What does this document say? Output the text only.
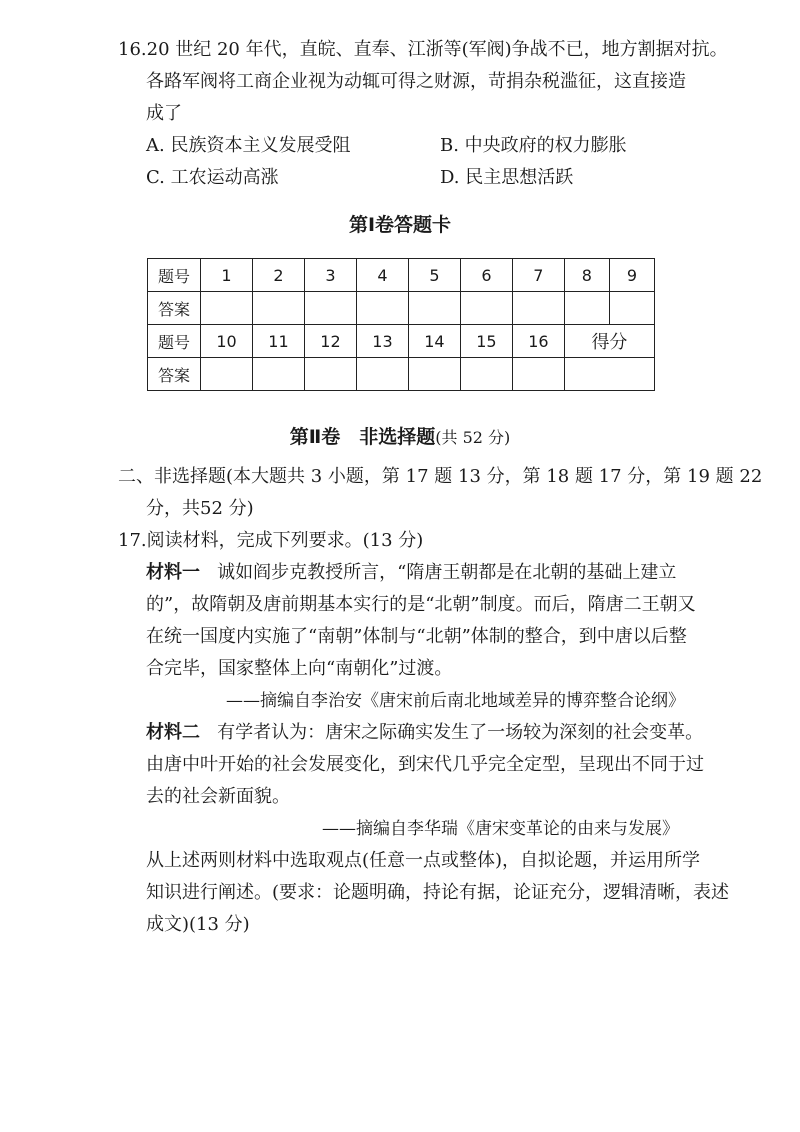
16.20 世纪 20 年代，直皖、直奉、江浙等(军阀)争战不已，地方割据对抗。
各路军阀将工商企业视为动辄可得之财源，苛捐杂税滥征，这直接造
成了
A. 民族资本主义发展受阻	B. 中央政府的权力膨胀
C. 工农运动高涨	D. 民主思想活跃
第Ⅰ卷答题卡
题号	1	2	3	4	5	6	7	8	9
答案									
题号	10	11	12	13	14	15	16	得分	
答案									
第Ⅱ卷　非选择题(共 52 分)
二、非选择题(本大题共 3 小题，第 17 题 13 分，第 18 题 17 分，第 19 题 22
分，共52 分)
17.阅读材料，完成下列要求。(13 分)
材料一 诚如阎步克教授所言，“隋唐王朝都是在北朝的基础上建立
的”，故隋朝及唐前期基本实行的是“北朝”制度。而后，隋唐二王朝又
在统一国度内实施了“南朝”体制与“北朝”体制的整合，到中唐以后整
合完毕，国家整体上向“南朝化”过渡。
——摘编自李治安《唐宋前后南北地域差异的博弈整合论纲》
材料二 有学者认为：唐宋之际确实发生了一场较为深刻的社会变革。
由唐中叶开始的社会发展变化，到宋代几乎完全定型，呈现出不同于过
去的社会新面貌。
——摘编自李华瑞《唐宋变革论的由来与发展》
从上述两则材料中选取观点(任意一点或整体)，自拟论题，并运用所学
知识进行阐述。(要求：论题明确，持论有据，论证充分，逻辑清晰，表述
成文)(13 分)
